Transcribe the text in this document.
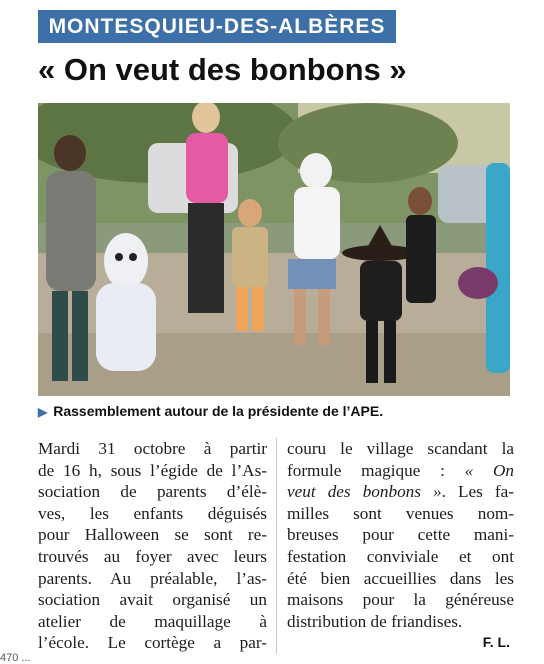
MONTESQUIEU-DES-ALBÈRES
« On veut des bonbons »
▶ Rassemblement autour de la présidente de l’APE.
Mardi 31 octobre à partir
de 16 h, sous l’égide de l’As-
sociation de parents d’élè-
ves, les enfants déguisés
pour Halloween se sont re-
trouvés au foyer avec leurs
parents. Au préalable, l’as-
sociation avait organisé un
atelier de maquillage à
l’école. Le cortège a par-
couru le village scandant la
formule magique : « On
veut des bonbons ». Les fa-
milles sont venues nom-
breuses pour cette mani-
festation conviviale et ont
été bien accueillies dans les
maisons pour la généreuse
distribution de friandises.
F. L.
470 ...
